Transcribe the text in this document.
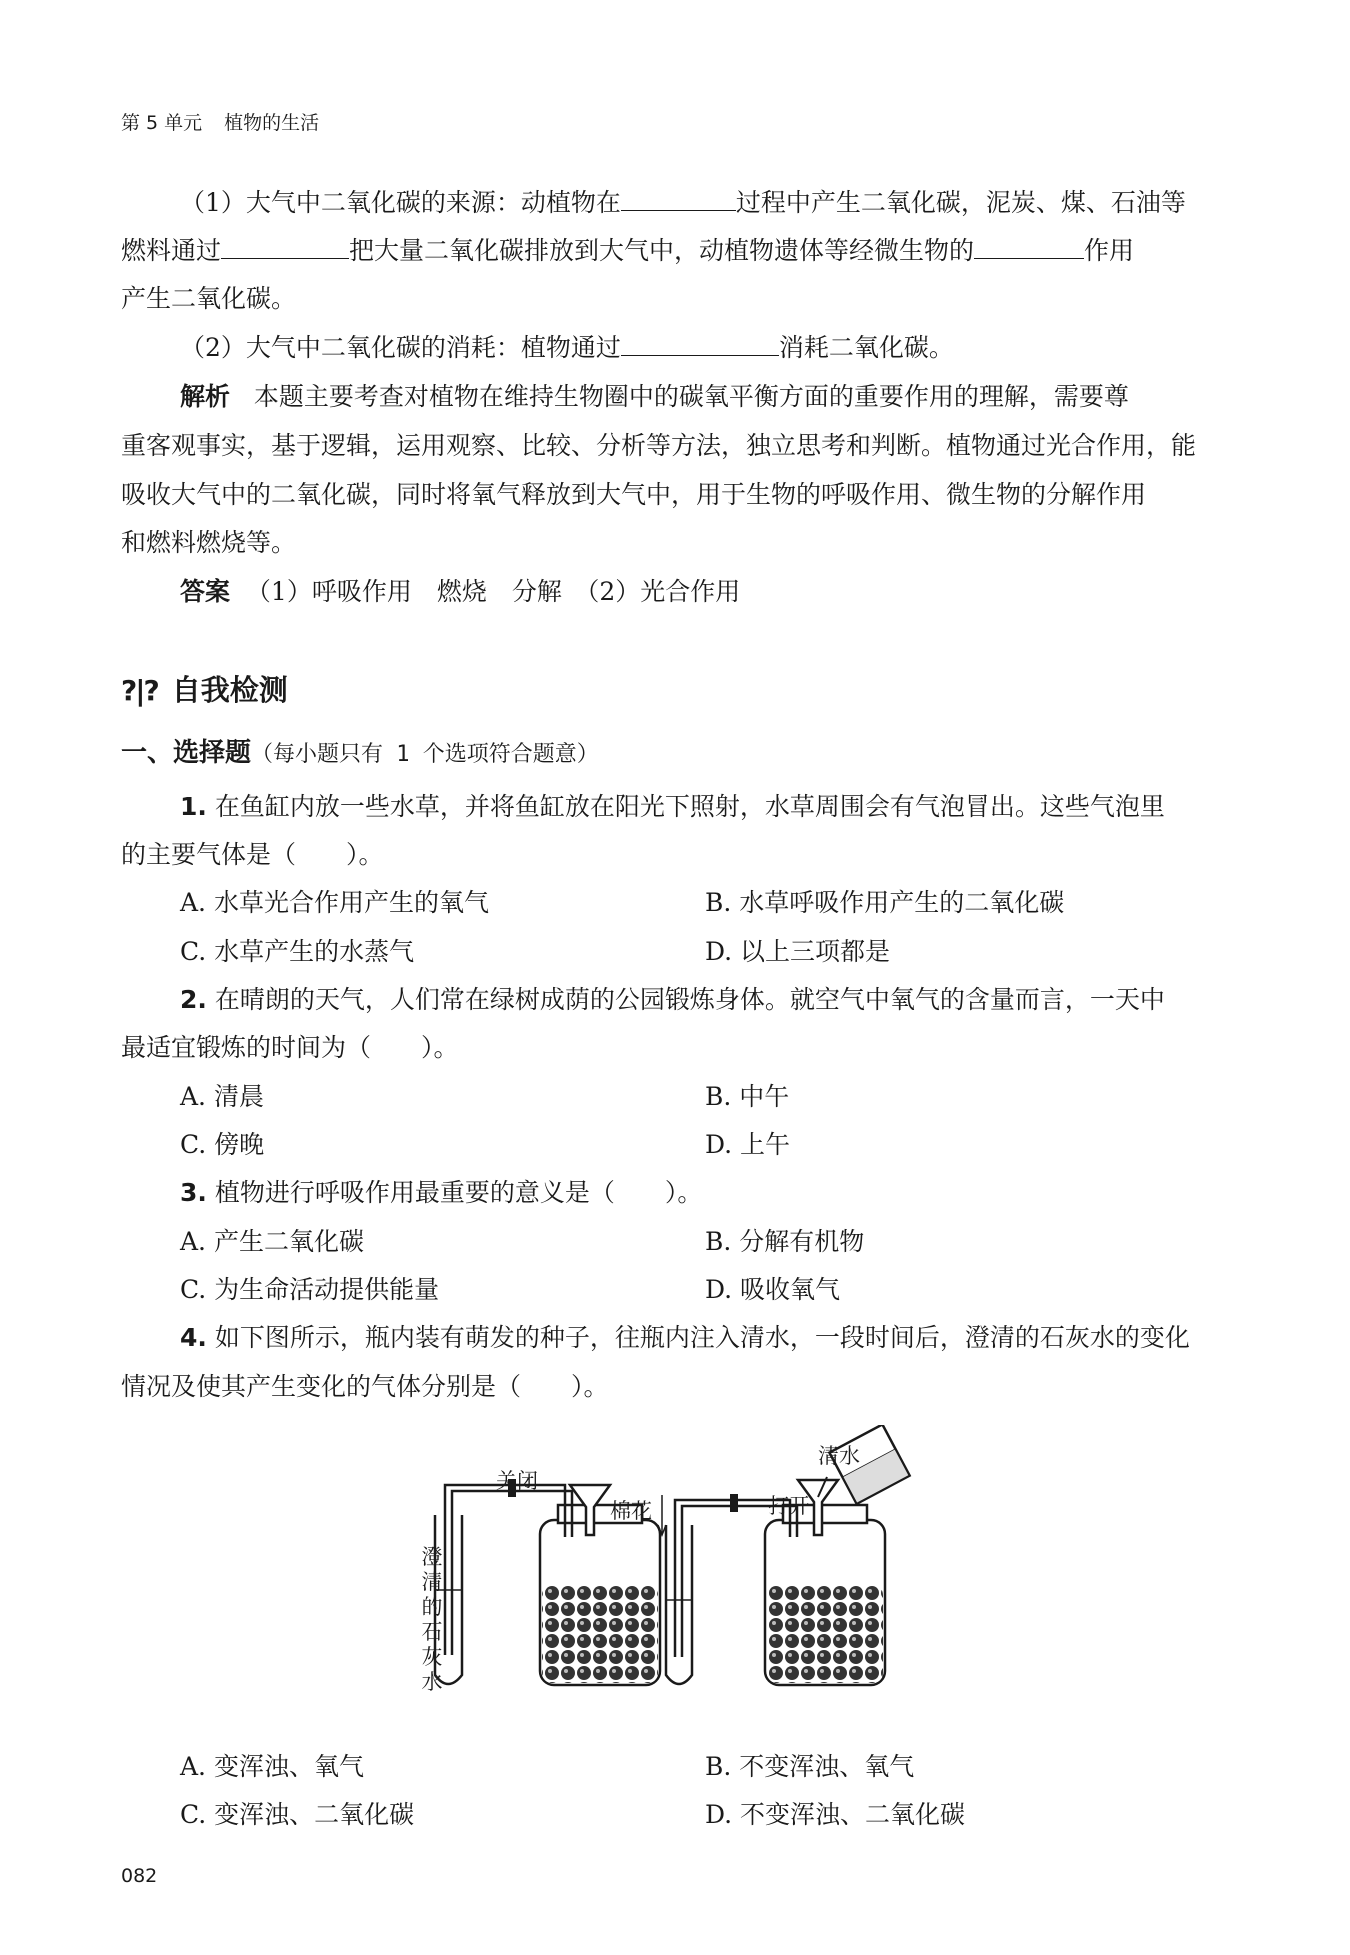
第 5 单元 植物的生活
（1）大气中二氧化碳的来源：动植物在	过程中产生二氧化碳，泥炭、煤、石油等
燃料通过	把大量二氧化碳排放到大气中，动植物遗体等经微生物的	作用
产生二氧化碳。
（2）大气中二氧化碳的消耗：植物通过	消耗二氧化碳。
解析 本题主要考查对植物在维持生物圈中的碳氧平衡方面的重要作用的理解，需要尊
重客观事实，基于逻辑，运用观察、比较、分析等方法，独立思考和判断。植物通过光合作用，能
吸收大气中的二氧化碳，同时将氧气释放到大气中，用于生物的呼吸作用、微生物的分解作用
和燃料燃烧等。
答案 （1）呼吸作用　燃烧　分解　（2）光合作用
?|? 自我检测
一、选择题（每小题只有 1 个选项符合题意）
1. 在鱼缸内放一些水草，并将鱼缸放在阳光下照射，水草周围会有气泡冒出。这些气泡里
的主要气体是（　　）。
A. 水草光合作用产生的氧气	B. 水草呼吸作用产生的二氧化碳
C. 水草产生的水蒸气	D. 以上三项都是
2. 在晴朗的天气，人们常在绿树成荫的公园锻炼身体。就空气中氧气的含量而言，一天中
最适宜锻炼的时间为（　　）。
A. 清晨	B. 中午
C. 傍晚	D. 上午
3. 植物进行呼吸作用最重要的意义是（　　）。
A. 产生二氧化碳	B. 分解有机物
C. 为生命活动提供能量	D. 吸收氧气
4. 如下图所示，瓶内装有萌发的种子，往瓶内注入清水，一段时间后，澄清的石灰水的变化
情况及使其产生变化的气体分别是（　　）。
关闭
棉花
澄
清
的
石
灰
水
清水
打开
A. 变浑浊、氧气	B. 不变浑浊、氧气
C. 变浑浊、二氧化碳	D. 不变浑浊、二氧化碳
082
